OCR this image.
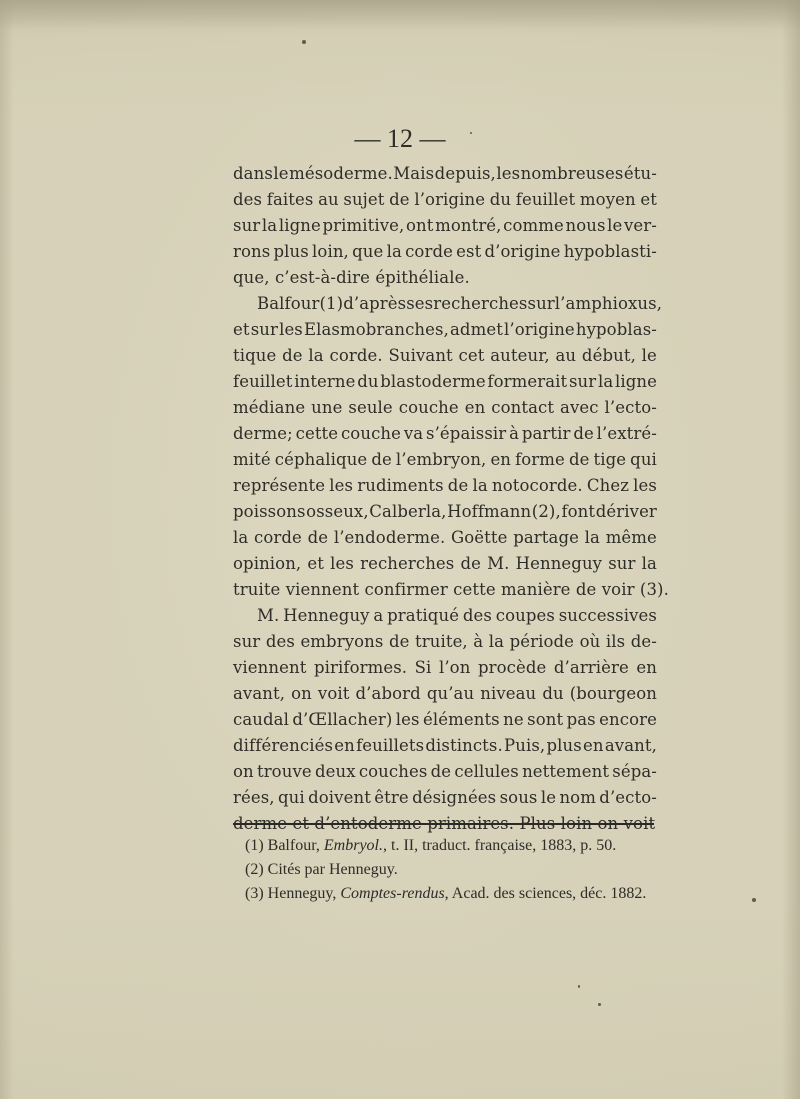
— 12 —
dans le mésoderme. Mais depuis, les nombreuses étu-
des faites au sujet de l’origine du feuillet moyen et
sur la ligne primitive, ont montré, comme nous le ver-
rons plus loin, que la corde est d’origine hypoblasti-
que, c’est-à-dire épithéliale.
Balfour (1) d’après ses recherches sur l’amphioxus,
et sur les Elasmobranches, admet l’origine hypoblas-
tique de la corde. Suivant cet auteur, au début, le
feuillet interne du blastoderme formerait sur la ligne
médiane une seule couche en contact avec l’ecto-
derme; cette couche va s’épaissir à partir de l’extré-
mité céphalique de l’embryon, en forme de tige qui
représente les rudiments de la notocorde. Chez les
poissons osseux, Calberla, Hoffmann (2), font dériver
la corde de l’endoderme. Goëtte partage la même
opinion, et les recherches de M. Henneguy sur la
truite viennent confirmer cette manière de voir (3).
M. Henneguy a pratiqué des coupes successives
sur des embryons de truite, à la période où ils de-
viennent piriformes. Si l’on procède d’arrière en
avant, on voit d’abord qu’au niveau du (bourgeon
caudal d’Œllacher) les éléments ne sont pas encore
différenciés en feuillets distincts. Puis, plus en avant,
on trouve deux couches de cellules nettement sépa-
rées, qui doivent être désignées sous le nom d’ecto-
derme et d’entoderme primaires. Plus loin on voit
(1) Balfour, Embryol., t. II, traduct. française, 1883, p. 50.
(2) Cités par Henneguy.
(3) Henneguy, Comptes-rendus, Acad. des sciences, déc. 1882.
